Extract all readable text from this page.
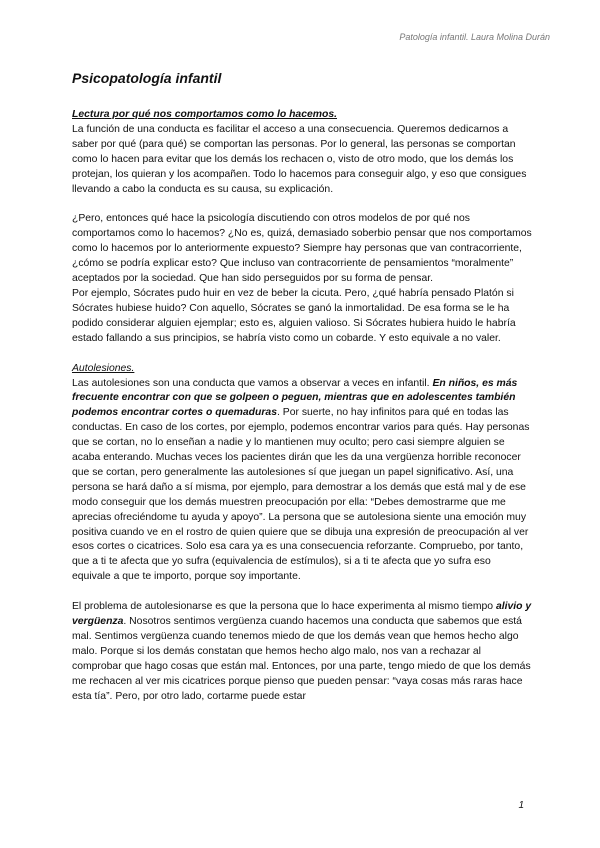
Patología infantil. Laura Molina Durán
Psicopatología infantil

Lectura por qué nos comportamos como lo hacemos.

La función de una conducta es facilitar el acceso a una consecuencia. Queremos dedicarnos a saber por qué (para qué) se comportan las personas. Por lo general, las personas se comportan como lo hacen para evitar que los demás los rechacen o, visto de otro modo, que los demás los protejan, los quieran y los acompañen. Todo lo hacemos para conseguir algo, y eso que consigues llevando a cabo la conducta es su causa, su explicación.

¿Pero, entonces qué hace la psicología discutiendo con otros modelos de por qué nos comportamos como lo hacemos? ¿No es, quizá, demasiado soberbio pensar que nos comportamos como lo hacemos por lo anteriormente expuesto? Siempre hay personas que van contracorriente, ¿cómo se podría explicar esto? Que incluso van contracorriente de pensamientos “moralmente” aceptados por la sociedad. Que han sido perseguidos por su forma de pensar.

Por ejemplo, Sócrates pudo huir en vez de beber la cicuta. Pero, ¿qué habría pensado Platón si Sócrates hubiese huido? Con aquello, Sócrates se ganó la inmortalidad. De esa forma se le ha podido considerar alguien ejemplar; esto es, alguien valioso. Si Sócrates hubiera huido le habría estado fallando a sus principios, se habría visto como un cobarde. Y esto equivale a no valer.

Autolesiones.

Las autolesiones son una conducta que vamos a observar a veces en infantil. En niños, es más frecuente encontrar con que se golpeen o peguen, mientras que en adolescentes también podemos encontrar cortes o quemaduras. Por suerte, no hay infinitos para qué en todas las conductas. En caso de los cortes, por ejemplo, podemos encontrar varios para qués. Hay personas que se cortan, no lo enseñan a nadie y lo mantienen muy oculto; pero casi siempre alguien se acaba enterando. Muchas veces los pacientes dirán que les da una vergüenza horrible reconocer que se cortan, pero generalmente las autolesiones sí que juegan un papel significativo. Así, una persona se hará daño a sí misma, por ejemplo, para demostrar a los demás que está mal y de ese modo conseguir que los demás muestren preocupación por ella: “Debes demostrarme que me aprecias ofreciéndome tu ayuda y apoyo”. La persona que se autolesiona siente una emoción muy positiva cuando ve en el rostro de quien quiere que se dibuja una expresión de preocupación al ver esos cortes o cicatrices. Solo esa cara ya es una consecuencia reforzante. Compruebo, por tanto, que a ti te afecta que yo sufra (equivalencia de estímulos), si a ti te afecta que yo sufra eso equivale a que te importo, porque soy importante.

El problema de autolesionarse es que la persona que lo hace experimenta al mismo tiempo alivio y vergüenza. Nosotros sentimos vergüenza cuando hacemos una conducta que sabemos que está mal. Sentimos vergüenza cuando tenemos miedo de que los demás vean que hemos hecho algo malo. Porque si los demás constatan que hemos hecho algo malo, nos van a rechazar al comprobar que hago cosas que están mal. Entonces, por una parte, tengo miedo de que los demás me rechacen al ver mis cicatrices porque pienso que pueden pensar: “vaya cosas más raras hace esta tía”. Pero, por otro lado, cortarme puede estar

1
